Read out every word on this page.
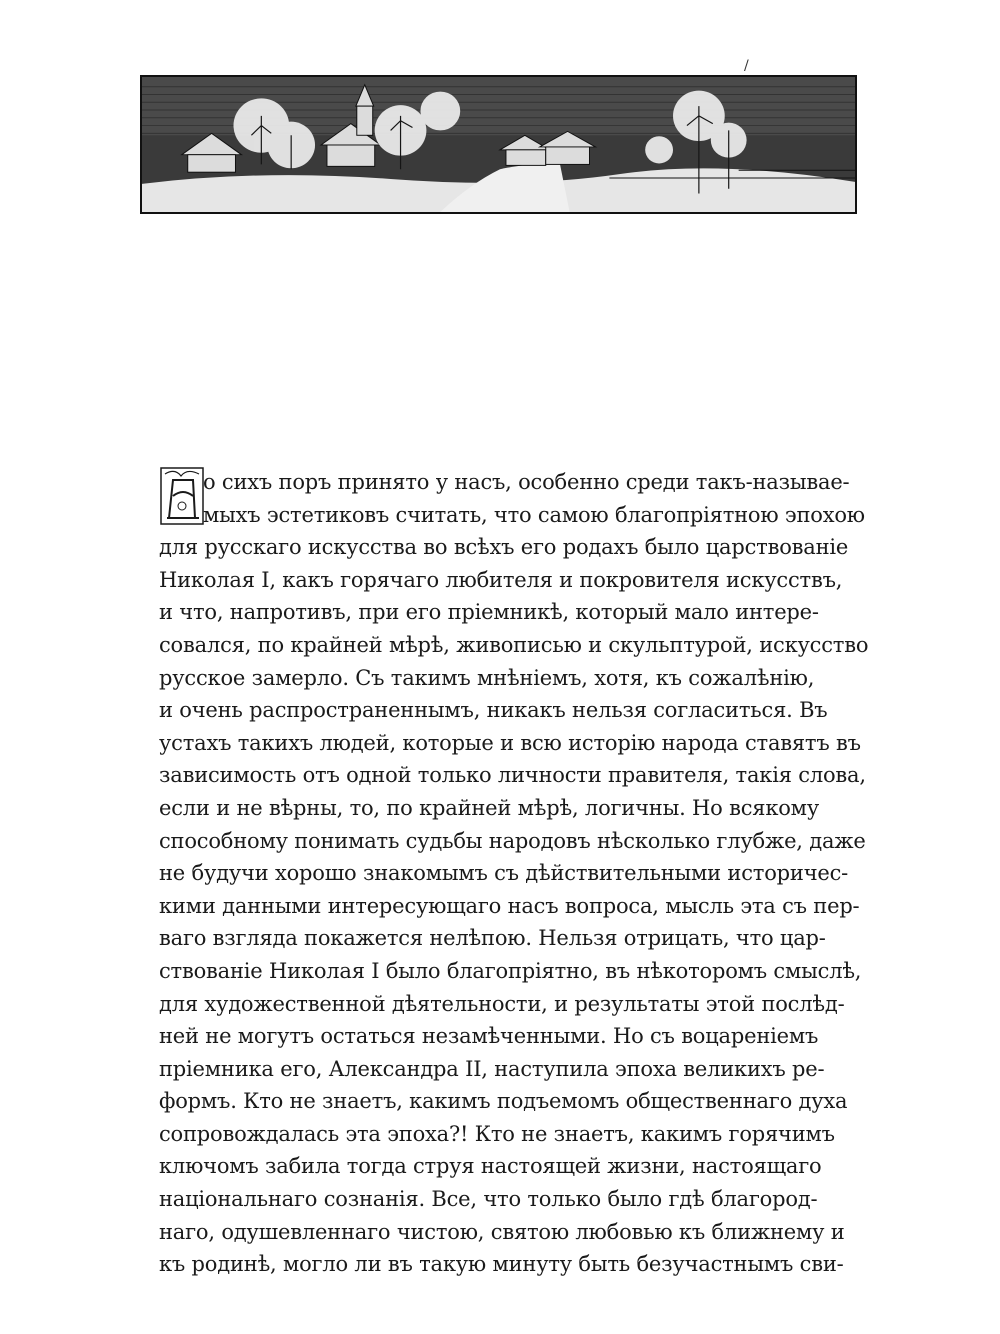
/
о сихъ поръ принято у насъ, особенно среди такъ-называе-
мыхъ эстетиковъ считать, что самою благопріятною эпохою
для русскаго искусства во всѣхъ его родахъ было царствованіе
Николая I, какъ горячаго любителя и покровителя искусствъ,
и что, напротивъ, при его пріемникѣ, который мало интере-
совался, по крайней мѣрѣ, живописью и скульптурой, искусство
русское замерло. Съ такимъ мнѣніемъ, хотя, къ сожалѣнію,
и очень распространеннымъ, никакъ нельзя согласиться. Въ
устахъ такихъ людей, которые и всю исторію народа ставятъ въ
зависимость отъ одной только личности правителя, такія слова,
если и не вѣрны, то, по крайней мѣрѣ, логичны. Но всякому
способному понимать судьбы народовъ нѣсколько глубже, даже
не будучи хорошо знакомымъ съ дѣйствительными историчес-
кими данными интересующаго насъ вопроса, мысль эта съ пер-
ваго взгляда покажется нелѣпою. Нельзя отрицать, что цар-
ствованіе Николая I было благопріятно, въ нѣкоторомъ смыслѣ,
для художественной дѣятельности, и результаты этой послѣд-
ней не могутъ остаться незамѣченными. Но съ воцареніемъ
пріемника его, Александра II, наступила эпоха великихъ ре-
формъ. Кто не знаетъ, какимъ подъемомъ общественнаго духа
сопровождалась эта эпоха?! Кто не знаетъ, какимъ горячимъ
ключомъ забила тогда струя настоящей жизни, настоящаго
національнаго сознанія. Все, что только было гдѣ благород-
наго, одушевленнаго чистою, святою любовью къ ближнему и
къ родинѣ, могло ли въ такую минуту быть безучастнымъ сви-
